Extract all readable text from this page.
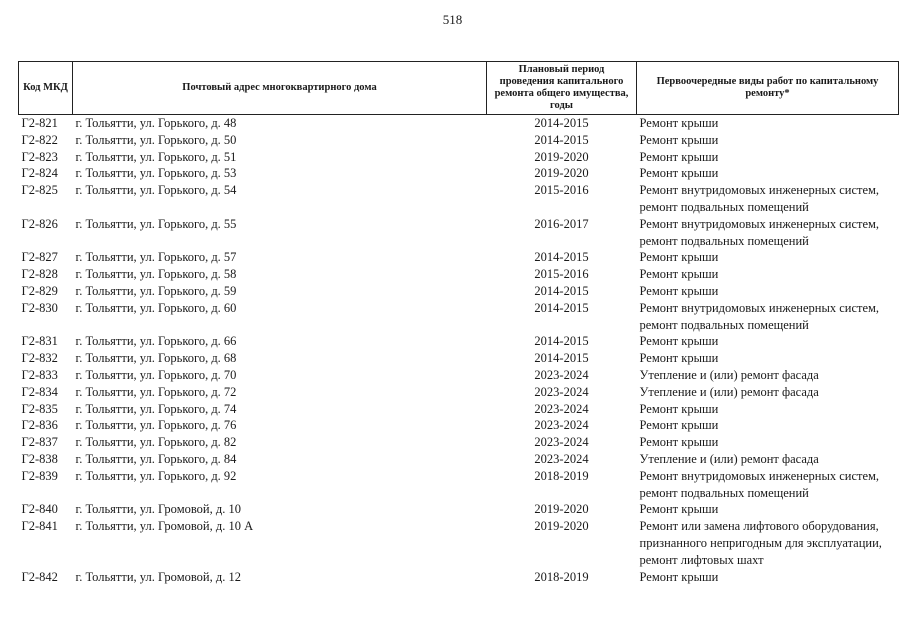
518
Код МКД	Почтовый адрес многоквартирного дома	Плановый период проведения капитального ремонта общего имущества, годы	Первоочередные виды работ по капитальному ремонту*
Г2-821	г. Тольятти, ул. Горького, д. 48	2014-2015	Ремонт крыши

Г2-822	г. Тольятти, ул. Горького, д. 50	2014-2015	Ремонт крыши

Г2-823	г. Тольятти, ул. Горького, д. 51	2019-2020	Ремонт крыши

Г2-824	г. Тольятти, ул. Горького, д. 53	2019-2020	Ремонт крыши

Г2-825	г. Тольятти, ул. Горького, д. 54	2015-2016	Ремонт внутридомовых инженерных систем,
ремонт подвальных помещений

Г2-826	г. Тольятти, ул. Горького, д. 55	2016-2017	Ремонт внутридомовых инженерных систем,
ремонт подвальных помещений

Г2-827	г. Тольятти, ул. Горького, д. 57	2014-2015	Ремонт крыши

Г2-828	г. Тольятти, ул. Горького, д. 58	2015-2016	Ремонт крыши

Г2-829	г. Тольятти, ул. Горького, д. 59	2014-2015	Ремонт крыши

Г2-830	г. Тольятти, ул. Горького, д. 60	2014-2015	Ремонт внутридомовых инженерных систем,
ремонт подвальных помещений

Г2-831	г. Тольятти, ул. Горького, д. 66	2014-2015	Ремонт крыши

Г2-832	г. Тольятти, ул. Горького, д. 68	2014-2015	Ремонт крыши

Г2-833	г. Тольятти, ул. Горького, д. 70	2023-2024	Утепление и (или) ремонт фасада

Г2-834	г. Тольятти, ул. Горького, д. 72	2023-2024	Утепление и (или) ремонт фасада

Г2-835	г. Тольятти, ул. Горького, д. 74	2023-2024	Ремонт крыши

Г2-836	г. Тольятти, ул. Горького, д. 76	2023-2024	Ремонт крыши

Г2-837	г. Тольятти, ул. Горького, д. 82	2023-2024	Ремонт крыши

Г2-838	г. Тольятти, ул. Горького, д. 84	2023-2024	Утепление и (или) ремонт фасада

Г2-839	г. Тольятти, ул. Горького, д. 92	2018-2019	Ремонт внутридомовых инженерных систем,
ремонт подвальных помещений

Г2-840	г. Тольятти, ул. Громовой, д. 10	2019-2020	Ремонт крыши

Г2-841	г. Тольятти, ул. Громовой, д. 10 А	2019-2020	Ремонт или замена лифтового оборудования,
признанного непригодным для эксплуатации,
ремонт лифтовых шахт

Г2-842	г. Тольятти, ул. Громовой, д. 12	2018-2019	Ремонт крыши
